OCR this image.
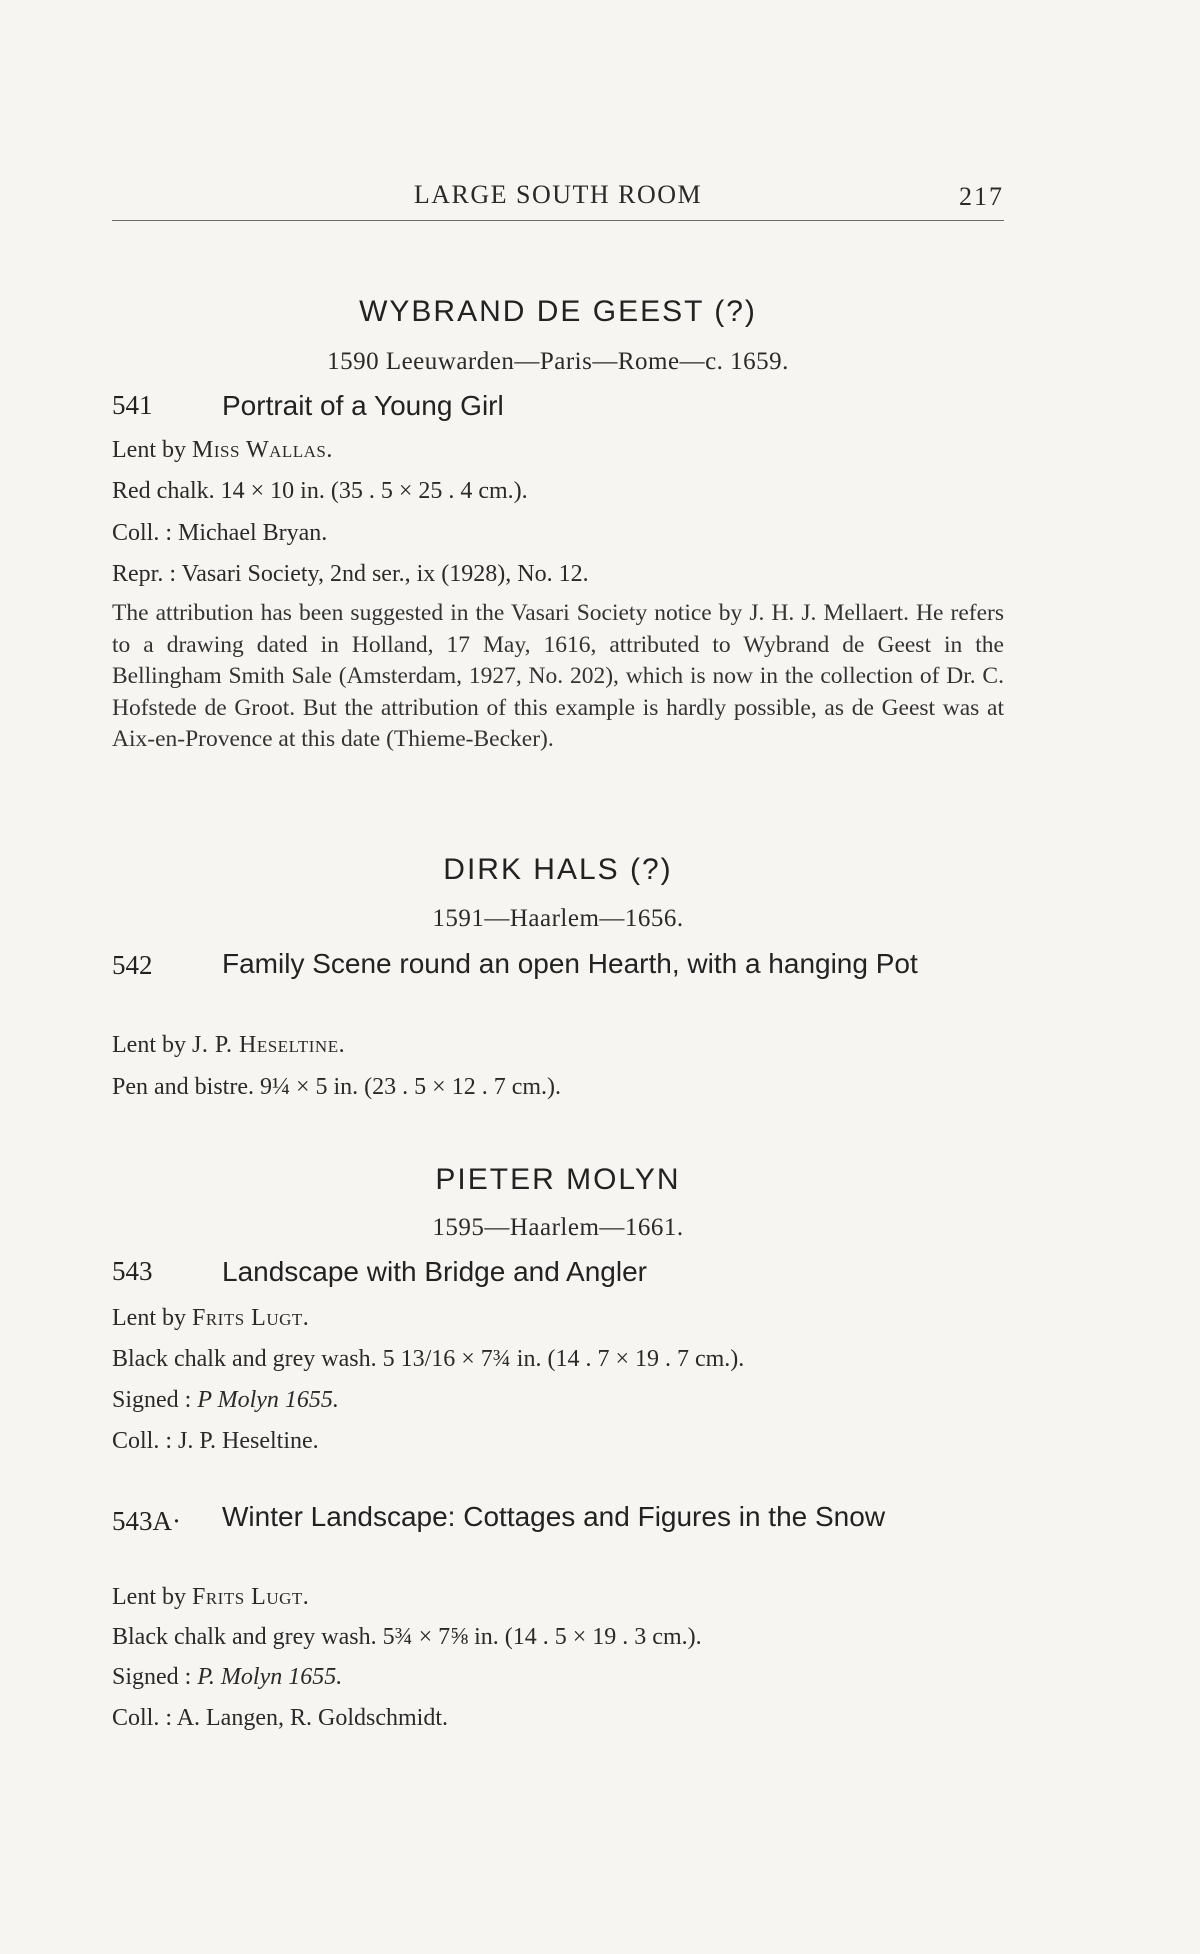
LARGE SOUTH ROOM	217
WYBRAND DE GEEST (?)
1590 Leeuwarden—Paris—Rome—c. 1659.
541 Portrait of a Young Girl
Lent by Miss Wallas.
Red chalk. 14 × 10 in. (35 . 5 × 25 . 4 cm.).
Coll. : Michael Bryan.
Repr. : Vasari Society, 2nd ser., ix (1928), No. 12.
The attribution has been suggested in the Vasari Society notice by J. H. J. Mellaert. He refers to a drawing dated in Holland, 17 May, 1616, attributed to Wybrand de Geest in the Bellingham Smith Sale (Amsterdam, 1927, No. 202), which is now in the collection of Dr. C. Hofstede de Groot. But the attribution of this example is hardly possible, as de Geest was at Aix-en-Provence at this date (Thieme-Becker).
DIRK HALS (?)
1591—Haarlem—1656.
542 Family Scene round an open Hearth, with a hanging Pot
Lent by J. P. Heseltine.
Pen and bistre. 9¼ × 5 in. (23 . 5 × 12 . 7 cm.).
PIETER MOLYN
1595—Haarlem—1661.
543 Landscape with Bridge and Angler
Lent by Frits Lugt.
Black chalk and grey wash. 5 13/16 × 7¾ in. (14 . 7 × 19 . 7 cm.).
Signed : P Molyn 1655.
Coll. : J. P. Heseltine.
543A· Winter Landscape: Cottages and Figures in the Snow
Lent by Frits Lugt.
Black chalk and grey wash. 5¾ × 7⅝ in. (14 . 5 × 19 . 3 cm.).
Signed : P. Molyn 1655.
Coll. : A. Langen, R. Goldschmidt.
